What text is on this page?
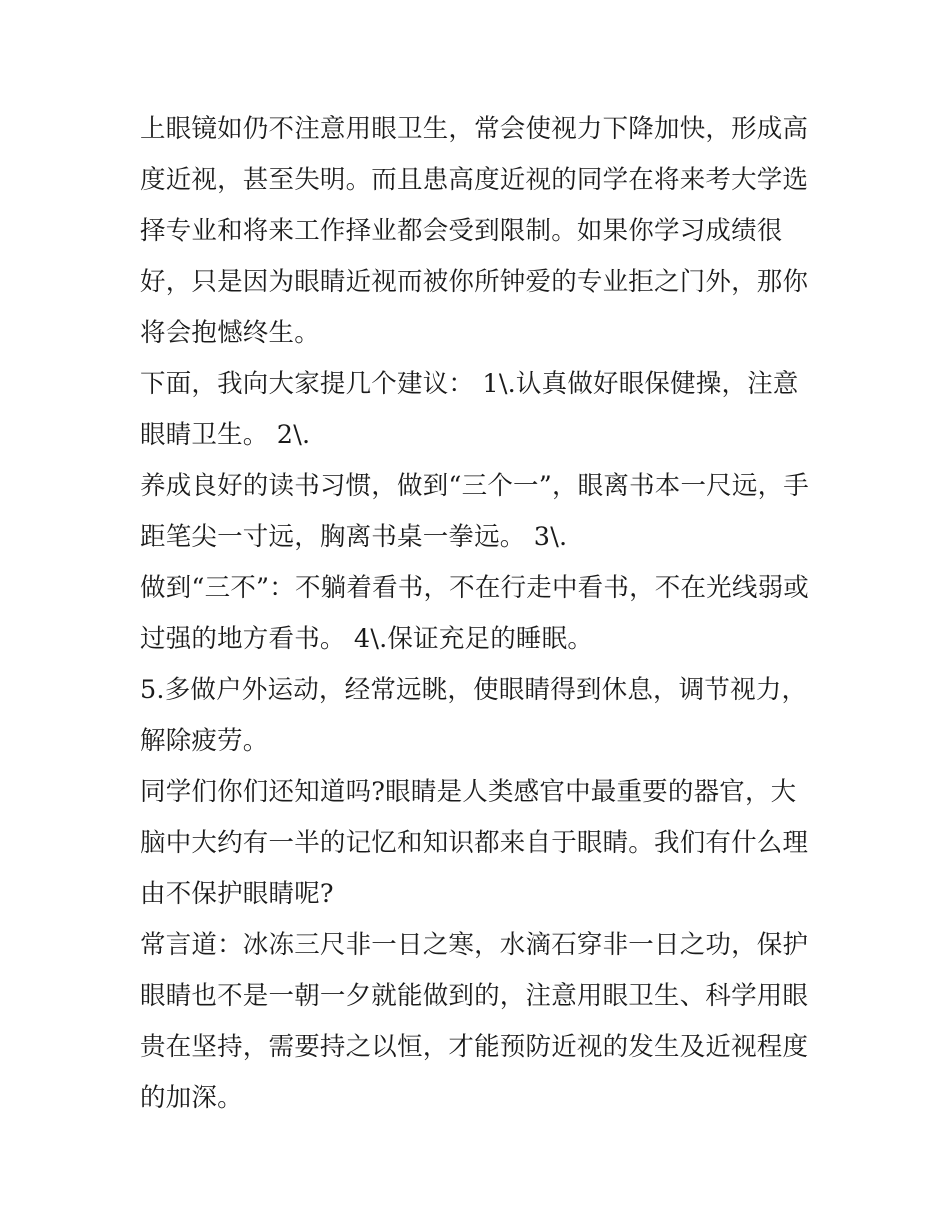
上眼镜如仍不注意用眼卫生，常会使视力下降加快，形成高度近视，甚至失明。而且患高度近视的同学在将来考大学选择专业和将来工作择业都会受到限制。如果你学习成绩很好，只是因为眼睛近视而被你所钟爱的专业拒之门外，那你将会抱憾终生。

下面，我向大家提几个建议： 1\.认真做好眼保健操，注意眼睛卫生。 2\.

养成良好的读书习惯，做到“三个一”，眼离书本一尺远，手距笔尖一寸远，胸离书桌一拳远。 3\.

做到“三不”：不躺着看书，不在行走中看书，不在光线弱或过强的地方看书。 4\.保证充足的睡眠。

5.多做户外运动，经常远眺，使眼睛得到休息，调节视力，解除疲劳。

同学们你们还知道吗?眼睛是人类感官中最重要的器官，大脑中大约有一半的记忆和知识都来自于眼睛。我们有什么理由不保护眼睛呢?

常言道：冰冻三尺非一日之寒，水滴石穿非一日之功，保护眼睛也不是一朝一夕就能做到的，注意用眼卫生、科学用眼贵在坚持，需要持之以恒，才能预防近视的发生及近视程度的加深。
